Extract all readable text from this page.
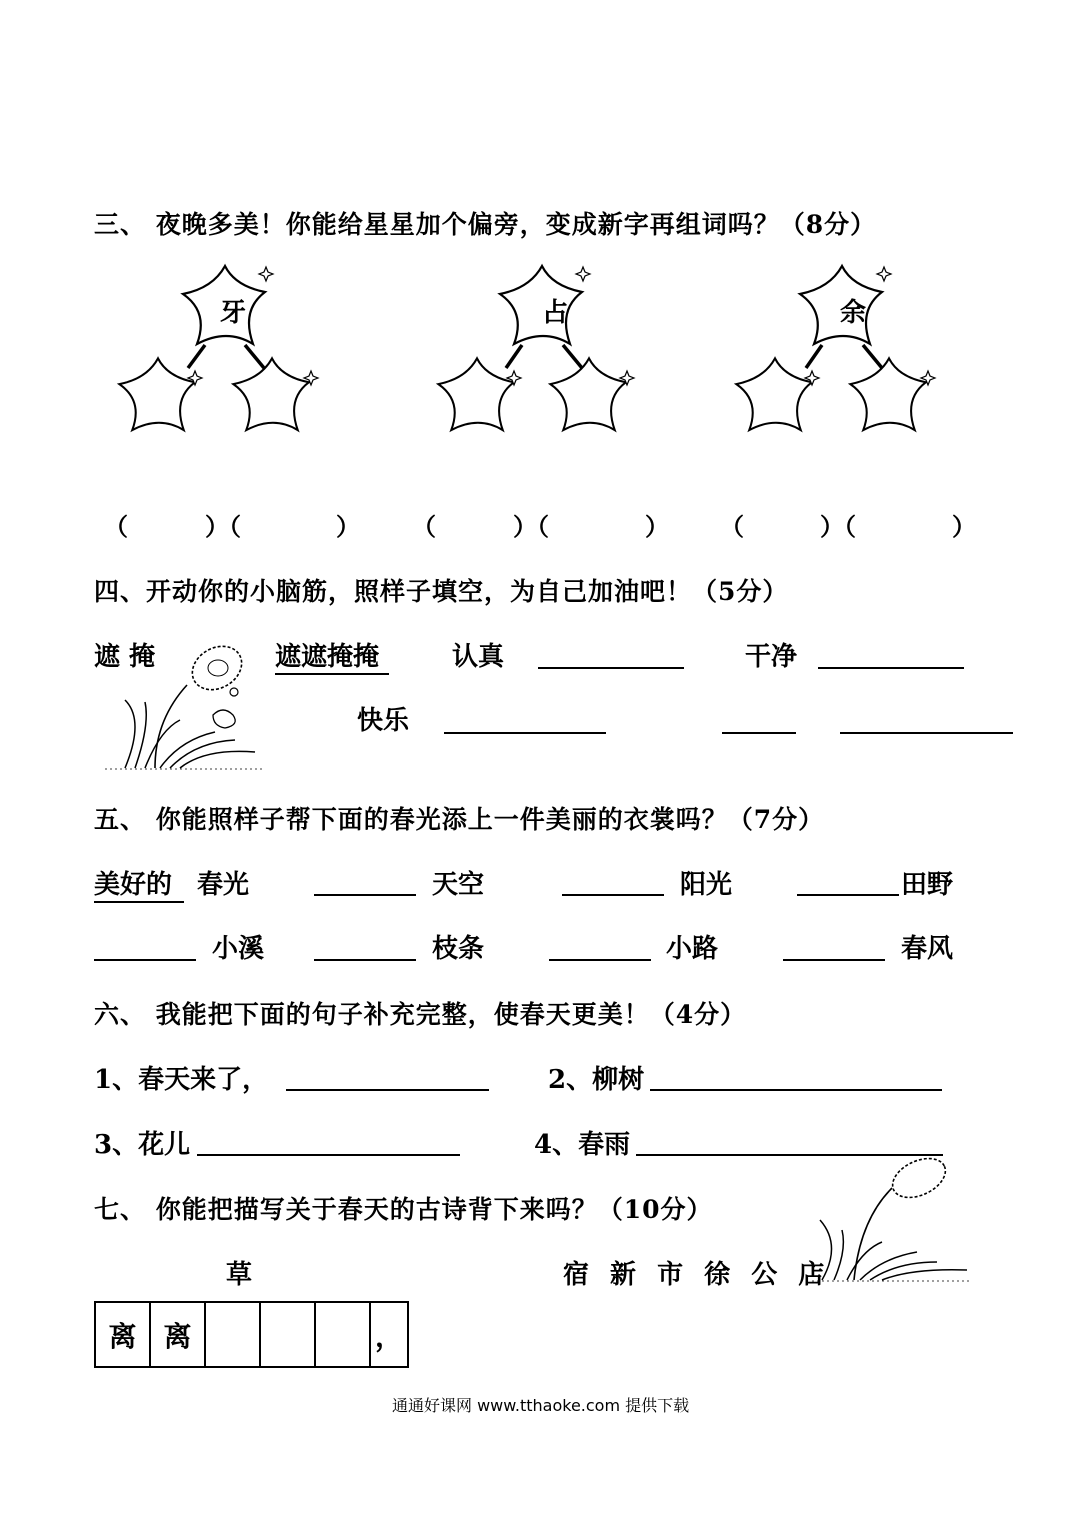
三、 夜晚多美！你能给星星加个偏旁，变成新字再组词吗？（8分）
牙	占	余
（	）（	） （	）（	） （	）（	）
四、开动你的小脑筋，照样子填空，为自己加油吧！（5分）
遮 掩	遮遮掩掩	认真	干净
快乐
五、 你能照样子帮下面的春光添上一件美丽的衣裳吗？（7分）
美好的 春光	天空	阳光	田野
小溪	枝条	小路	春风
六、 我能把下面的句子补充完整，使春天更美！（4分）
1、春天来了，	2、柳树
3、花儿	4、春雨
七、 你能把描写关于春天的古诗背下来吗？（10分）
草	宿 新 市 徐 公 店
离	离				，
通通好课网 www.tthaoke.com 提供下载
